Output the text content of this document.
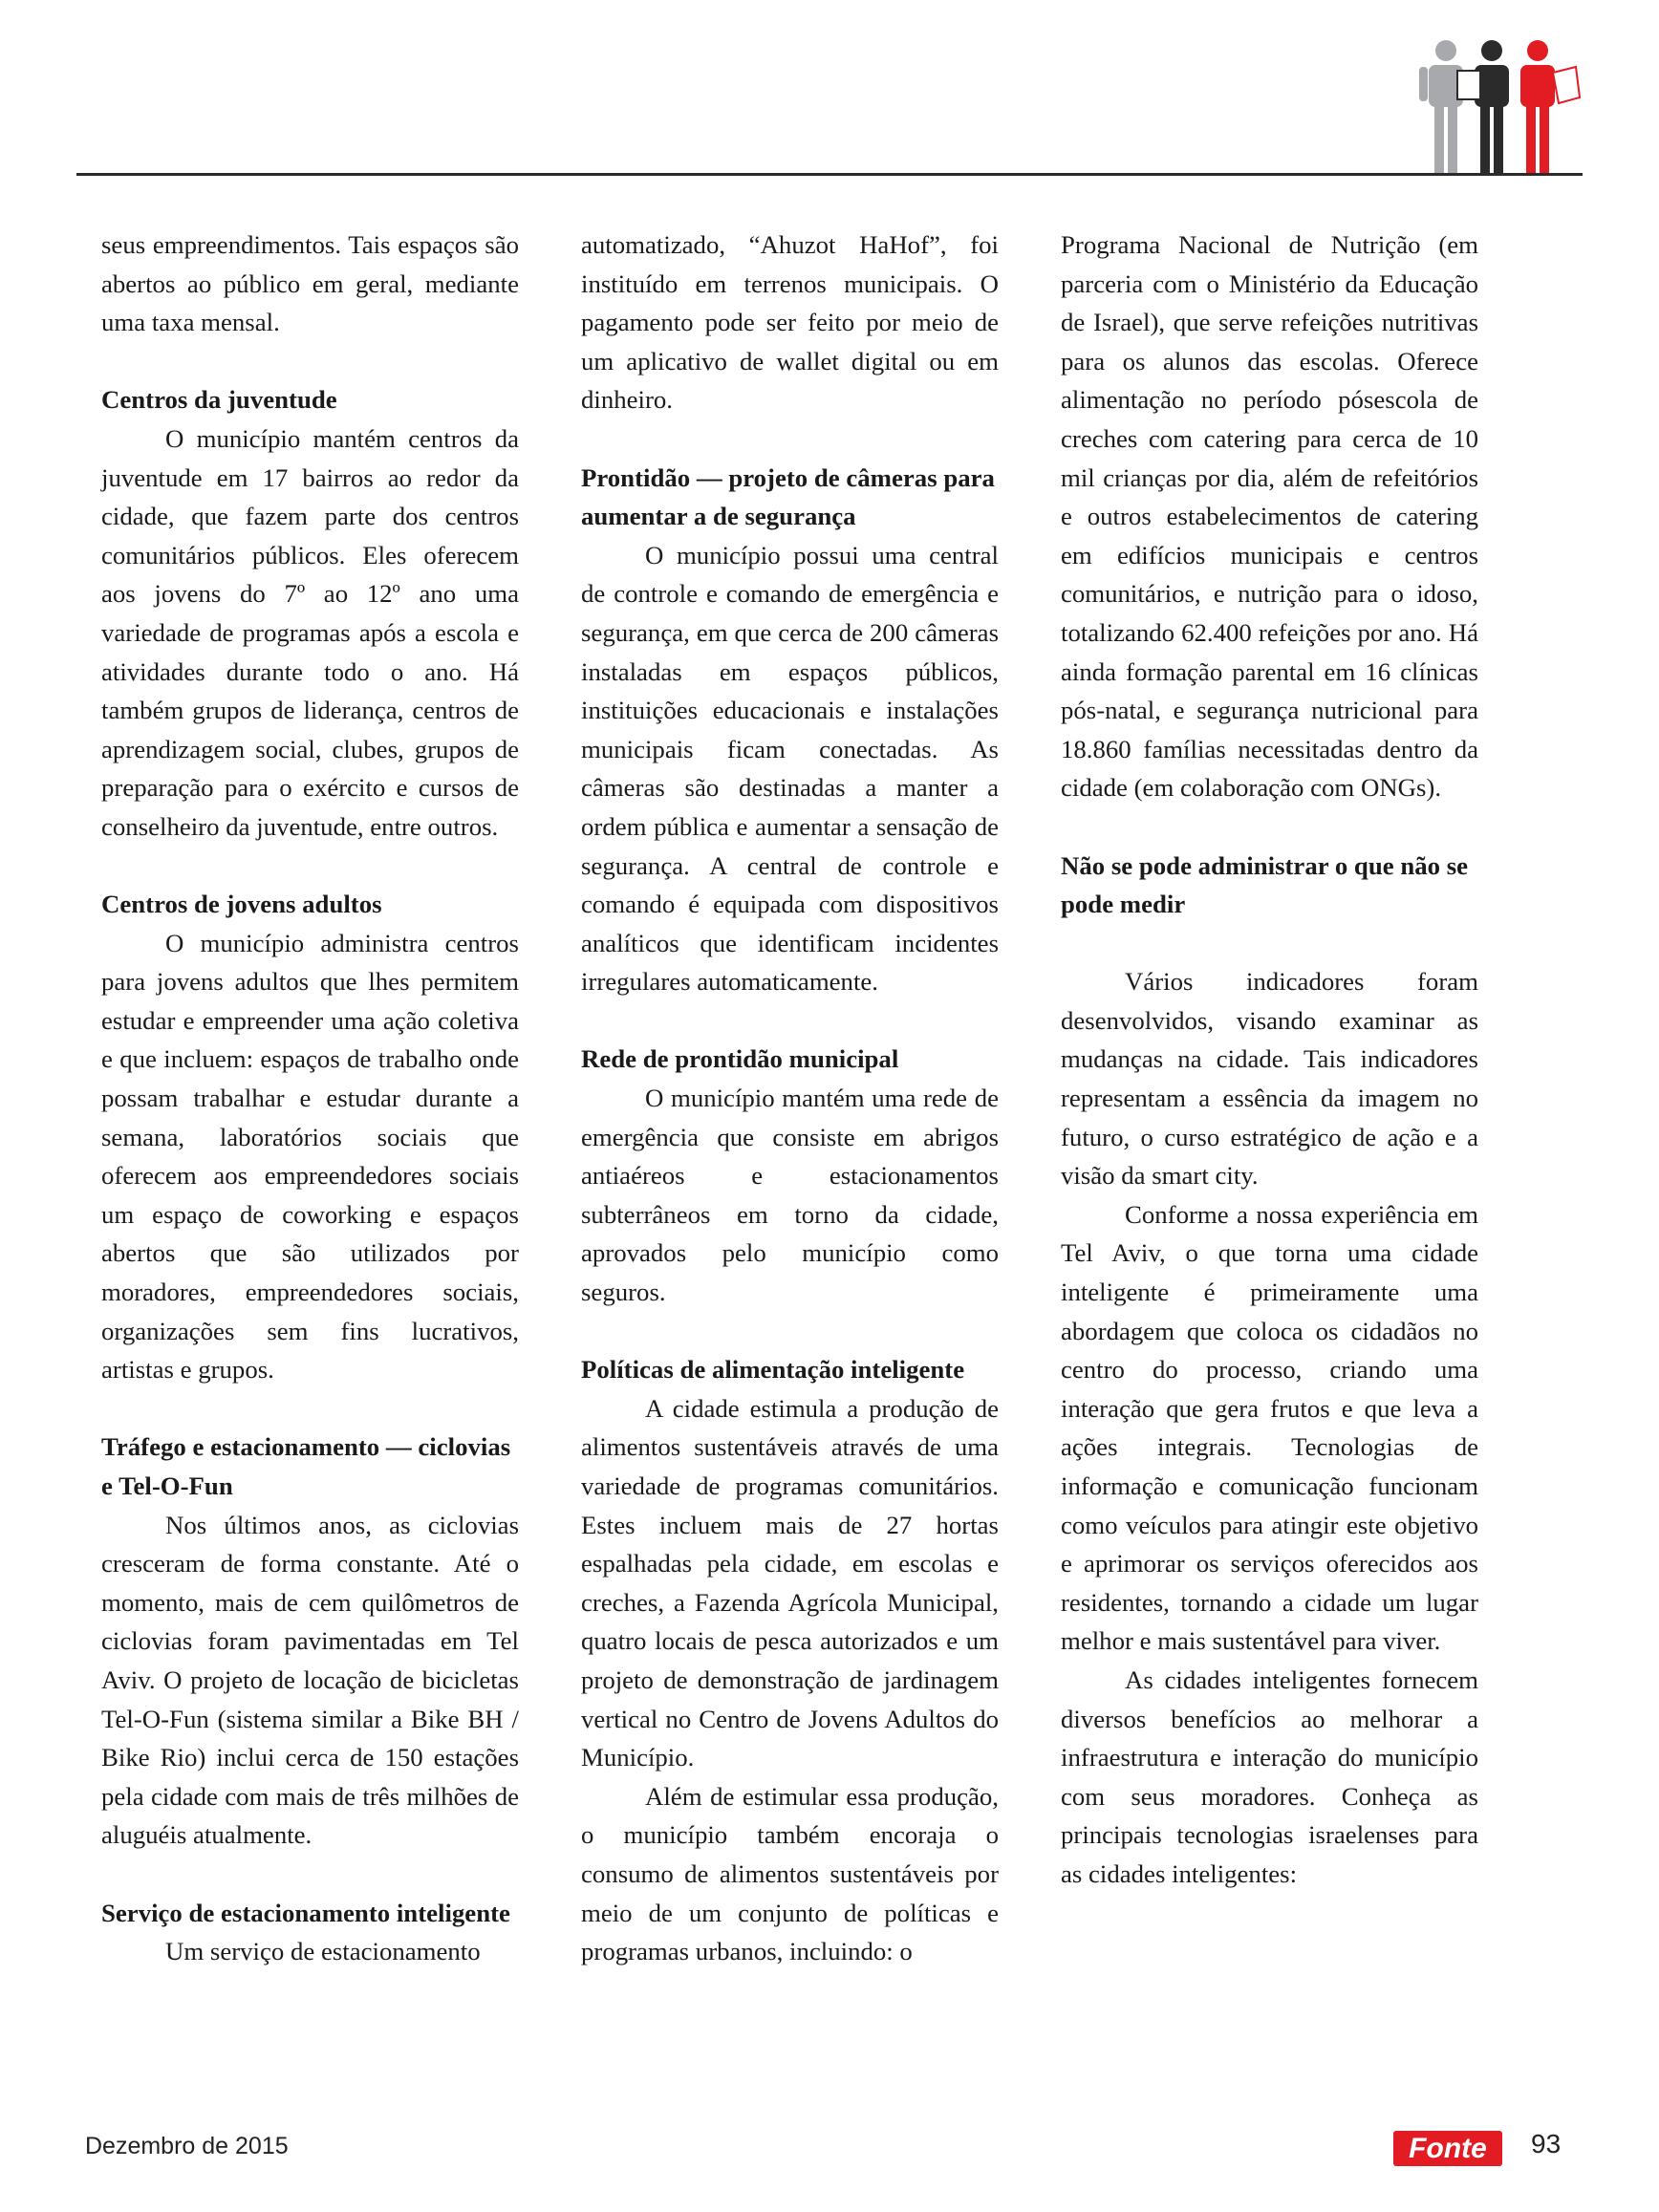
seus empreendimentos. Tais espaços são abertos ao público em geral, mediante uma taxa mensal.

Centros da juventude

O município mantém centros da juventude em 17 bairros ao redor da cidade, que fazem parte dos centros comunitários públicos. Eles oferecem aos jovens do 7º ao 12º ano uma variedade de programas após a escola e atividades durante todo o ano. Há também grupos de liderança, centros de aprendizagem social, clubes, grupos de preparação para o exército e cursos de conselheiro da juventude, entre outros.

Centros de jovens adultos

O município administra centros para jovens adultos que lhes permitem estudar e empreender uma ação coletiva e que incluem: espaços de trabalho onde possam trabalhar e estudar durante a semana, laboratórios sociais que oferecem aos empreendedores sociais um espaço de coworking e espaços abertos que são utilizados por moradores, empreendedores sociais, organizações sem fins lucrativos, artistas e grupos.

Tráfego e estacionamento — ciclovias e Tel-O-Fun

Nos últimos anos, as ciclovias cresceram de forma constante. Até o momento, mais de cem quilômetros de ciclovias foram pavimentadas em Tel Aviv. O projeto de locação de bicicletas Tel-O-Fun (sistema similar a Bike BH / Bike Rio) inclui cerca de 150 estações pela cidade com mais de três milhões de aluguéis atualmente.

Serviço de estacionamento inteligente

Um serviço de estacionamento

automatizado, “Ahuzot HaHof”, foi instituído em terrenos municipais. O pagamento pode ser feito por meio de um aplicativo de wallet digital ou em dinheiro.

Prontidão — projeto de câmeras para aumentar a de segurança

O município possui uma central de controle e comando de emergência e segurança, em que cerca de 200 câmeras instaladas em espaços públicos, instituições educacionais e instalações municipais ficam conectadas. As câmeras são destinadas a manter a ordem pública e aumentar a sensação de segurança. A central de controle e comando é equipada com dispositivos analíticos que identificam incidentes irregulares automaticamente.

Rede de prontidão municipal

O município mantém uma rede de emergência que consiste em abrigos antiaéreos e estacionamentos subterrâneos em torno da cidade, aprovados pelo município como seguros.

Políticas de alimentação inteligente

A cidade estimula a produção de alimentos sustentáveis através de uma variedade de programas comunitários. Estes incluem mais de 27 hortas espalhadas pela cidade, em escolas e creches, a Fazenda Agrícola Municipal, quatro locais de pesca autorizados e um projeto de demonstração de jardinagem vertical no Centro de Jovens Adultos do Município.

Além de estimular essa produção, o município também encoraja o consumo de alimentos sustentáveis por meio de um conjunto de políticas e programas urbanos, incluindo: o

Programa Nacional de Nutrição (em parceria com o Ministério da Educação de Israel), que serve refeições nutritivas para os alunos das escolas. Oferece alimentação no período pósescola de creches com catering para cerca de 10 mil crianças por dia, além de refeitórios e outros estabelecimentos de catering em edifícios municipais e centros comunitários, e nutrição para o idoso, totalizando 62.400 refeições por ano. Há ainda formação parental em 16 clínicas pós-natal, e segurança nutricional para 18.860 famílias necessitadas dentro da cidade (em colaboração com ONGs).

Não se pode administrar o que não se pode medir

Vários indicadores foram desenvolvidos, visando examinar as mudanças na cidade. Tais indicadores representam a essência da imagem no futuro, o curso estratégico de ação e a visão da smart city.

Conforme a nossa experiência em Tel Aviv, o que torna uma cidade inteligente é primeiramente uma abordagem que coloca os cidadãos no centro do processo, criando uma interação que gera frutos e que leva a ações integrais. Tecnologias de informação e comunicação funcionam como veículos para atingir este objetivo e aprimorar os serviços oferecidos aos residentes, tornando a cidade um lugar melhor e mais sustentável para viver.

As cidades inteligentes fornecem diversos benefícios ao melhorar a infraestrutura e interação do município com seus moradores. Conheça as principais tecnologias israelenses para as cidades inteligentes:

Dezembro de 2015	Fonte	93
